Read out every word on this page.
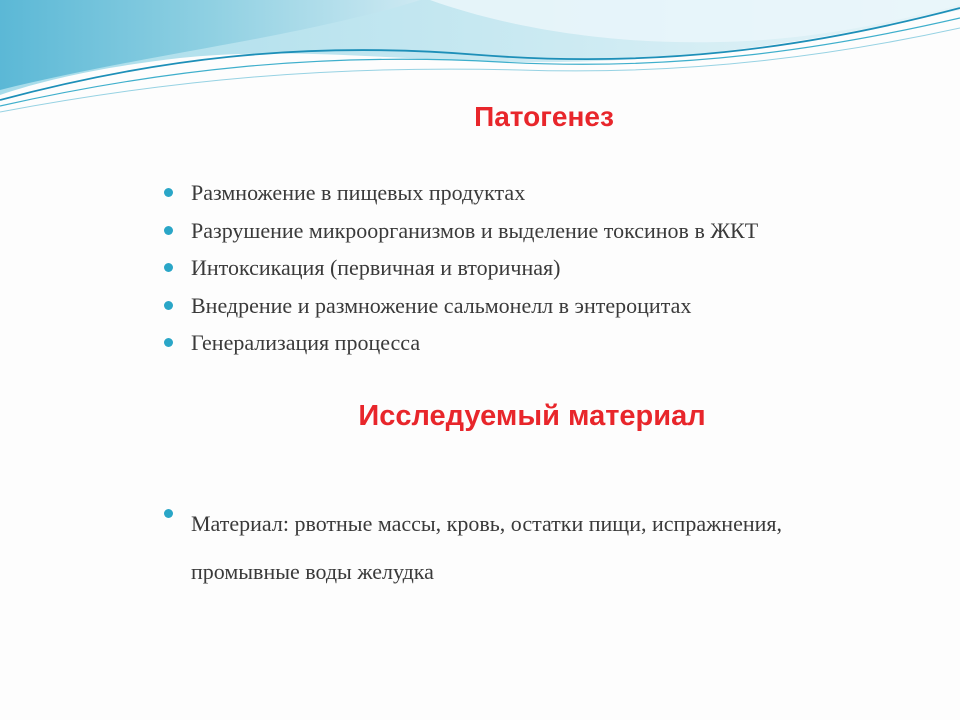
Патогенез
Размножение в пищевых продуктах
Разрушение микроорганизмов и выделение токсинов в ЖКТ
Интоксикация (первичная и вторичная)
Внедрение и размножение сальмонелл в энтероцитах
Генерализация процесса
Исследуемый материал
Материал: рвотные массы, кровь, остатки пищи, испражнения, промывные воды желудка
